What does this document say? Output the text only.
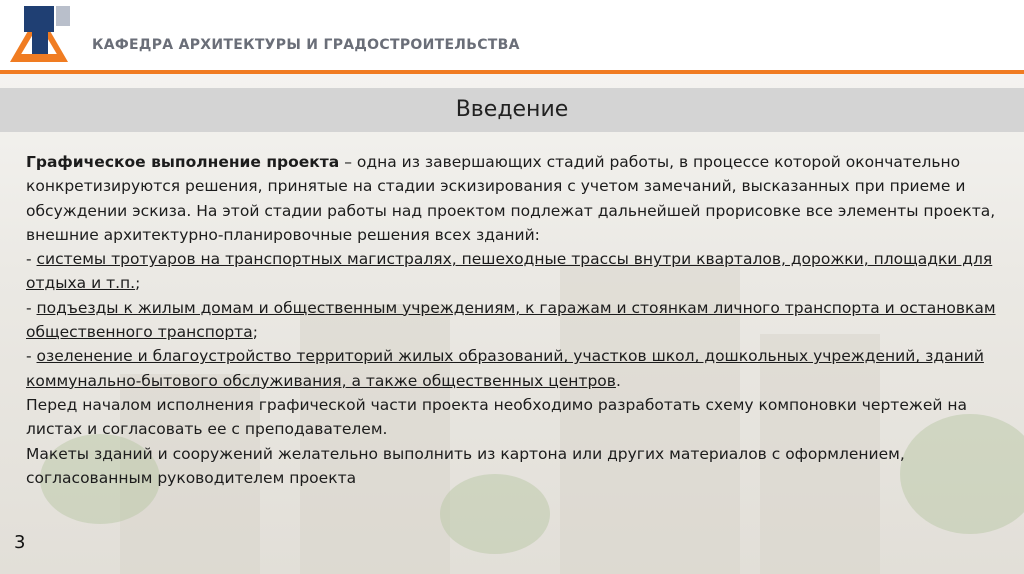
КАФЕДРА АРХИТЕКТУРЫ И ГРАДОСТРОИТЕЛЬСТВА
Введение

Графическое выполнение проекта – одна из завершающих стадий работы, в процессе которой окончательно конкретизируются решения, принятые на стадии эскизирования с учетом замечаний, высказанных при приеме и обсуждении эскиза. На этой стадии работы над проектом подлежат дальнейшей прорисовке все элементы проекта, внешние архитектурно-планировочные решения всех зданий:

- системы тротуаров на транспортных магистралях, пешеходные трассы внутри кварталов, дорожки, площадки для отдыха и т.п.;

- подъезды к жилым домам и общественным учреждениям, к гаражам и стоянкам личного транспорта и остановкам общественного транспорта;

- озеленение и благоустройство территорий жилых образований, участков школ, дошкольных учреждений, зданий коммунально-бытового обслуживания, а также общественных центров.

Перед началом исполнения графической части проекта необходимо разработать схему компоновки чертежей на листах и согласовать ее с преподавателем.

Макеты зданий и сооружений желательно выполнить из картона или других материалов с оформлением, согласованным руководителем проекта

3
